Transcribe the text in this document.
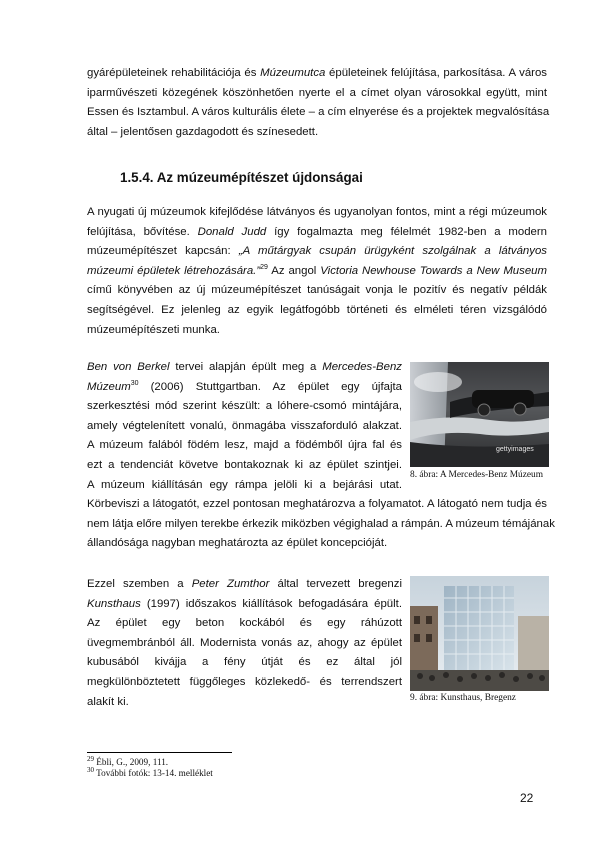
gyárépületeinek rehabilitációja és Múzeumutca épületeinek felújítása, parkosítása. A város
iparművészeti közegének köszönhetően nyerte el a címet olyan városokkal együtt, mint
Essen és Isztambul. A város kulturális élete – a cím elnyerése és a projektek megvalósítása
által – jelentősen gazdagodott és színesedett.
1.5.4. Az múzeumépítészet újdonságai
A nyugati új múzeumok kifejlődése látványos és ugyanolyan fontos, mint a régi múzeumok
felújítása, bővítése. Donald Judd így fogalmazta meg félelmét 1982-ben a modern
múzeumépítészet kapcsán: „A műtárgyak csupán ürügyként szolgálnak a látványos
múzeumi épületek létrehozására.”$^{29}$ Az angol Victoria Newhouse Towards a New Museum
című könyvében az új múzeumépítészet tanúságait vonja le pozitív és negatív példák
segítségével. Ez jelenleg az egyik legátfogóbb történeti és elméleti téren vizsgálódó
múzeumépítészeti munka.
Ben von Berkel tervei alapján épült meg a Mercedes-Benz
Múzeum$^{30}$ (2006) Stuttgartban. Az épület egy újfajta
szerkesztési mód szerint készült: a lóhere-csomó mintájára,
amely végtelenített vonalú, önmagába visszaforduló alakzat.
A múzeum falából födém lesz, majd a födémből újra fal és
ezt a tendenciát követve bontakoznak ki az épület szintjei.
A múzeum kiállításán egy rámpa jelöli ki a bejárási utat.
Körbeviszi a látogatót, ezzel pontosan meghatározva a folyamatot. A látogató nem tudja és
nem látja előre milyen terekbe érkezik miközben végighalad a rámpán. A múzeum témájának
állandósága nagyban meghatározta az épület koncepcióját.
gettyimages
8. ábra: A Mercedes-Benz Múzeum
Ezzel szemben a Peter Zumthor által tervezett bregenzi
Kunsthaus (1997) időszakos kiállítások befogadására épült.
Az épület egy beton kockából és egy ráhúzott
üvegmembránból áll. Modernista vonás az, ahogy az épület
kubusából kivájja a fény útját és ez által jól
megkülönböztetett függőleges közlekedő- és terrendszert
alakít ki.	9. ábra: Kunsthaus, Bregenz
$^{29}$ Ébli, G., 2009, 111.
$^{30}$ További fotók: 13-14. melléklet
22
